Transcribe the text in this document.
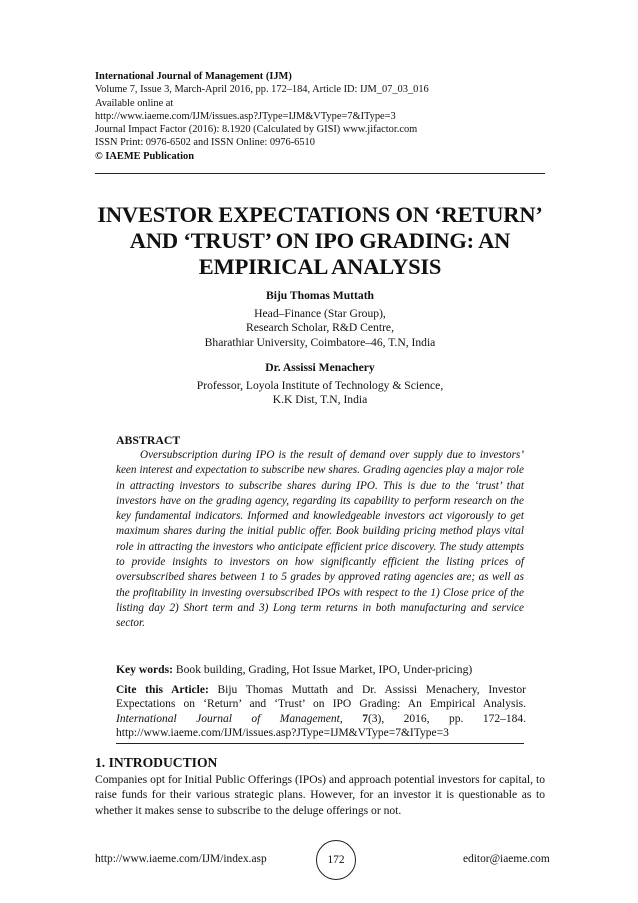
International Journal of Management (IJM)
Volume 7, Issue 3, March-April 2016, pp. 172–184, Article ID: IJM_07_03_016
Available online at
http://www.iaeme.com/IJM/issues.asp?JType=IJM&VType=7&IType=3
Journal Impact Factor (2016): 8.1920 (Calculated by GISI) www.jifactor.com
ISSN Print: 0976-6502 and ISSN Online: 0976-6510
© IAEME Publication
INVESTOR EXPECTATIONS ON ‘RETURN’
AND ‘TRUST’ ON IPO GRADING: AN
EMPIRICAL ANALYSIS
Biju Thomas Muttath
Head–Finance (Star Group),
Research Scholar, R&D Centre,
Bharathiar University, Coimbatore–46, T.N, India
Dr. Assissi Menachery
Professor, Loyola Institute of Technology & Science,
K.K Dist, T.N, India
ABSTRACT

Oversubscription during IPO is the result of demand over supply due to investors’ keen interest and expectation to subscribe new shares. Grading agencies play a major role in attracting investors to subscribe shares during IPO. This is due to the ‘trust’ that investors have on the grading agency, regarding its capability to perform research on the key fundamental indicators. Informed and knowledgeable investors act vigorously to get maximum shares during the initial public offer. Book building pricing method plays vital role in attracting the investors who anticipate efficient price discovery. The study attempts to provide insights to investors on how significantly efficient the listing prices of oversubscribed shares between 1 to 5 grades by approved rating agencies are; as well as the profitability in investing oversubscribed IPOs with respect to the 1) Close price of the listing day 2) Short term and 3) Long term returns in both manufacturing and service sector.

Key words: Book building, Grading, Hot Issue Market, IPO, Under-pricing)

Cite this Article: Biju Thomas Muttath and Dr. Assissi Menachery, Investor Expectations on ‘Return’ and ‘Trust’ on IPO Grading: An Empirical Analysis. International Journal of Management, 7(3), 2016, pp. 172–184. http://www.iaeme.com/IJM/issues.asp?JType=IJM&VType=7&IType=3

1. INTRODUCTION

Companies opt for Initial Public Offerings (IPOs) and approach potential investors for capital, to raise funds for their various strategic plans. However, for an investor it is questionable as to whether it makes sense to subscribe to the deluge offerings or not.

http://www.iaeme.com/IJM/index.asp	172	editor@iaeme.com
